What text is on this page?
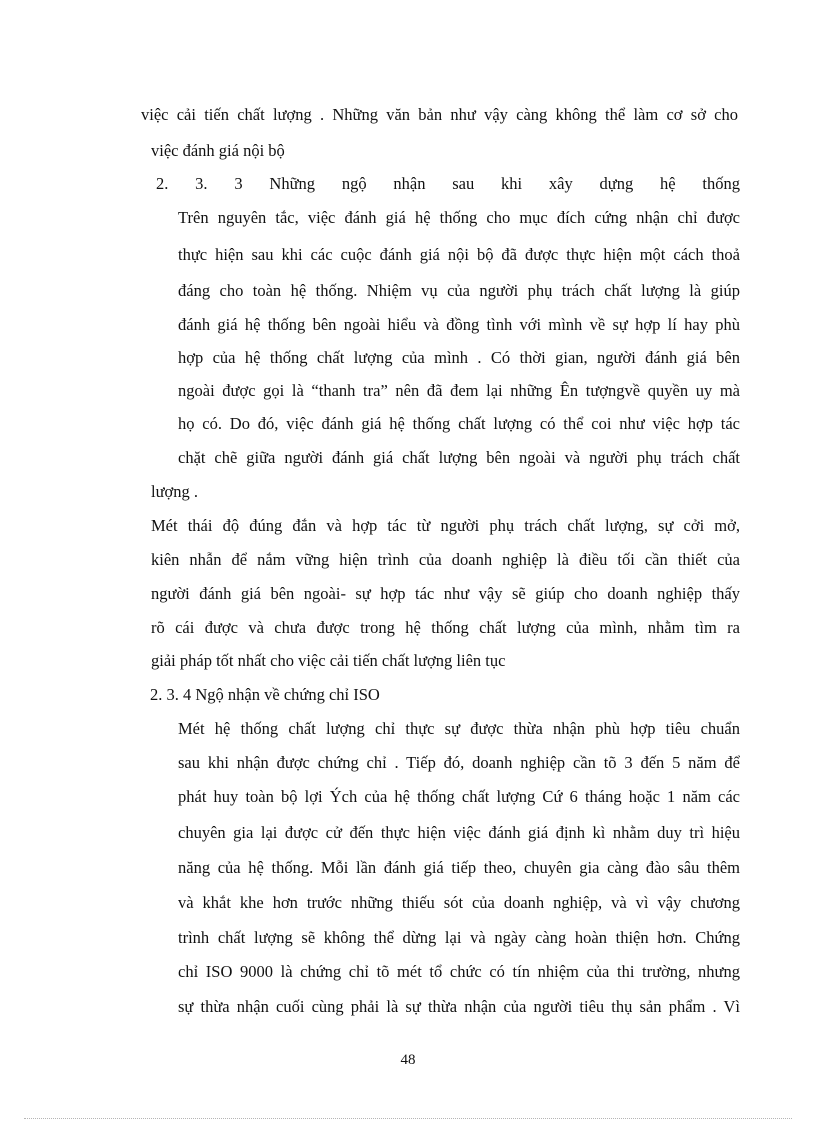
việc cải tiến chất lượng . Những văn bản như vậy càng không thể làm cơ sở cho
việc đánh giá nội bộ
2. 3. 3 Những ngộ nhận sau khi xây dựng hệ thống
Trên nguyên tắc, việc đánh giá hệ thống cho mục đích cứng nhận chỉ được
thực hiện sau khi các cuộc đánh giá nội bộ đã được thực hiện một cách thoả
đáng cho toàn hệ thống. Nhiệm vụ của người phụ trách chất lượng là giúp
đánh giá hệ thống bên ngoài hiểu và đồng tình với mình về sự hợp lí hay phù
hợp của hệ thống chất lượng của mình . Có thời gian, người đánh giá bên
ngoài được gọi là “thanh tra” nên đã đem lại những Ên tượngvề quyền uy mà
họ có. Do đó, việc đánh giá hệ thống chất lượng có thể coi như việc hợp tác
chặt chẽ giữa người đánh giá chất lượng bên ngoài và người phụ trách chất
lượng .
Mét thái độ đúng đắn và hợp tác từ người phụ trách chất lượng, sự cởi mở,
kiên nhẫn để nắm vững hiện trình của doanh nghiệp là điều tối cần thiết của
người đánh giá bên ngoài- sự hợp tác như vậy sẽ giúp cho doanh nghiệp thấy
rõ cái được và chưa được trong hệ thống chất lượng của mình, nhằm tìm ra
giải pháp tốt nhất cho việc cải tiến chất lượng liên tục
2. 3. 4 Ngộ nhận về chứng chỉ ISO
Mét hệ thống chất lượng chỉ thực sự được thừa nhận phù hợp tiêu chuẩn
sau khi nhận được chứng chỉ . Tiếp đó, doanh nghiệp cần tõ 3 đến 5 năm để
phát huy toàn bộ lợi Ých của hệ thống chất lượng Cứ 6 tháng hoặc 1 năm các
chuyên gia lại được cử đến thực hiện việc đánh giá định kì nhằm duy trì hiệu
năng của hệ thống. Mỗi lần đánh giá tiếp theo, chuyên gia càng đào sâu thêm
và khắt khe hơn trước những thiếu sót của doanh nghiệp, và vì vậy chương
trình chất lượng sẽ không thể dừng lại và ngày càng hoàn thiện hơn. Chứng
chỉ ISO 9000 là chứng chỉ tõ mét tổ chức có tín nhiệm của thi trường, nhưng
sự thừa nhận cuối cùng phải là sự thừa nhận của người tiêu thụ sản phẩm . Vì
48
